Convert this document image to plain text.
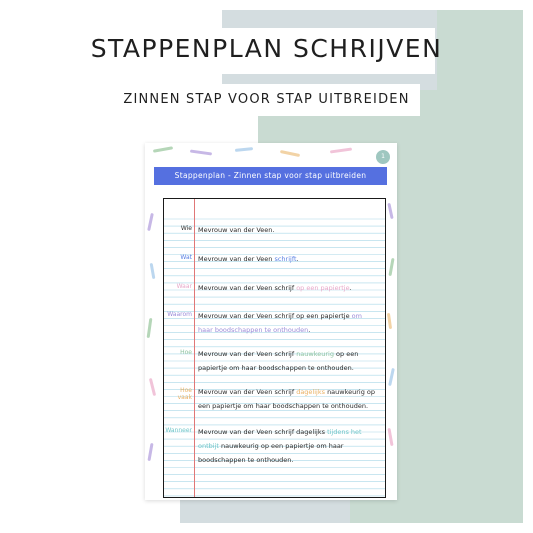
STAPPENPLAN SCHRIJVEN
ZINNEN STAP VOOR STAP UITBREIDEN
1
Stappenplan - Zinnen stap voor stap uitbreiden
Wie Mevrouw van der Veen.
Wat Mevrouw van der Veen schrijft.
Waar Mevrouw van der Veen schrijf op een papiertje.
Waarom Mevrouw van der Veen schrijf op een papiertje om haar boodschappen te onthouden.
Hoe Mevrouw van der Veen schrijf nauwkeurig op een papiertje om haar boodschappen te onthouden.
Hoe vaak
Mevrouw van der Veen schrijf dagelijks nauwkeurig op een papiertje om haar boodschappen te onthouden.
Wanneer Mevrouw van der Veen schrijf dagelijks tijdens het ontbijt nauwkeurig op een papiertje om haar boodschappen te onthouden.
